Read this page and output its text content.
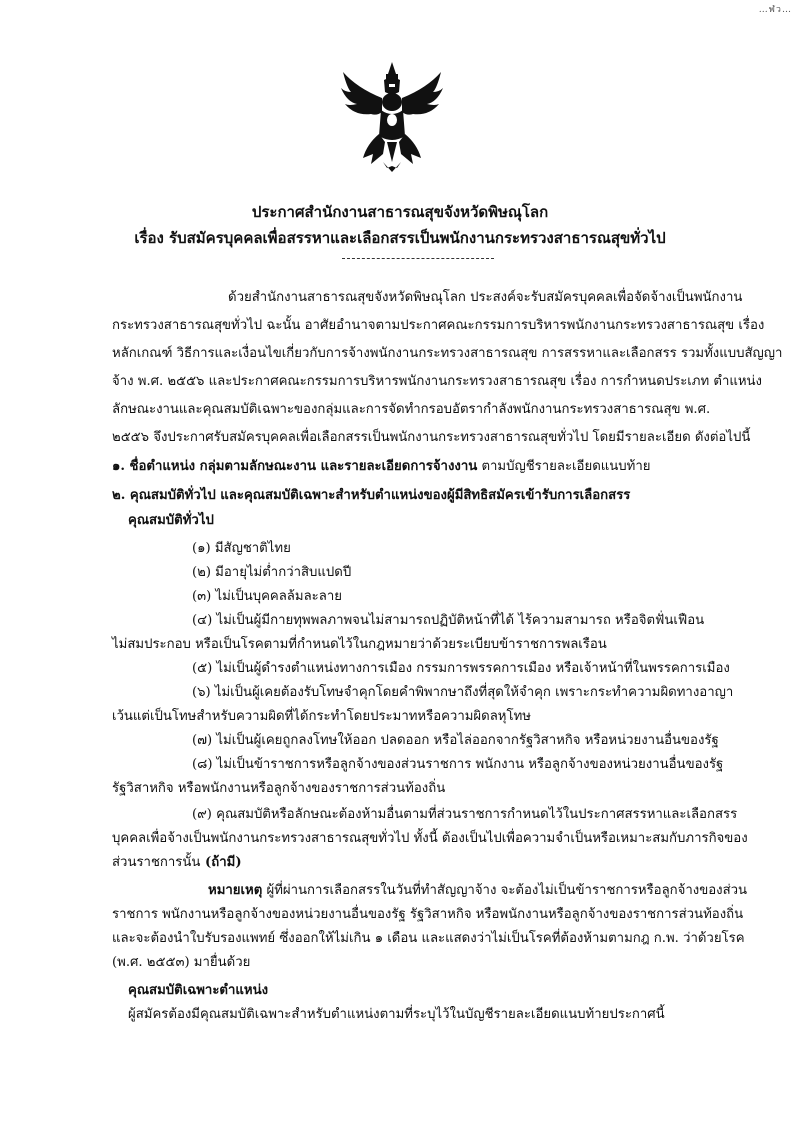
…ฬว…
ประกาศสำนักงานสาธารณสุขจังหวัดพิษณุโลก
เรื่อง รับสมัครบุคคลเพื่อสรรหาและเลือกสรรเป็นพนักงานกระทรวงสาธารณสุขทั่วไป
ด้วยสำนักงานสาธารณสุขจังหวัดพิษณุโลก ประสงค์จะรับสมัครบุคคลเพื่อจัดจ้างเป็นพนักงาน
กระทรวงสาธารณสุขทั่วไป ฉะนั้น อาศัยอำนาจตามประกาศคณะกรรมการบริหารพนักงานกระทรวงสาธารณสุข เรื่อง
หลักเกณฑ์ วิธีการและเงื่อนไขเกี่ยวกับการจ้างพนักงานกระทรวงสาธารณสุข การสรรหาและเลือกสรร รวมทั้งแบบสัญญา
จ้าง พ.ศ. ๒๕๕๖ และประกาศคณะกรรมการบริหารพนักงานกระทรวงสาธารณสุข เรื่อง การกำหนดประเภท ตำแหน่ง
ลักษณะงานและคุณสมบัติเฉพาะของกลุ่มและการจัดทำกรอบอัตรากำลังพนักงานกระทรวงสาธารณสุข พ.ศ.
๒๕๕๖ จึงประกาศรับสมัครบุคคลเพื่อเลือกสรรเป็นพนักงานกระทรวงสาธารณสุขทั่วไป โดยมีรายละเอียด ดังต่อไปนี้
๑. ชื่อตำแหน่ง กลุ่มตามลักษณะงาน และรายละเอียดการจ้างงาน ตามบัญชีรายละเอียดแนบท้าย
๒. คุณสมบัติทั่วไป และคุณสมบัติเฉพาะสำหรับตำแหน่งของผู้มีสิทธิสมัครเข้ารับการเลือกสรร
คุณสมบัติทั่วไป
(๑) มีสัญชาติไทย
(๒) มีอายุไม่ต่ำกว่าสิบแปดปี
(๓) ไม่เป็นบุคคลล้มละลาย
(๔) ไม่เป็นผู้มีกายทุพพลภาพจนไม่สามารถปฏิบัติหน้าที่ได้ ไร้ความสามารถ หรือจิตฟั่นเฟือน
ไม่สมประกอบ หรือเป็นโรคตามที่กำหนดไว้ในกฎหมายว่าด้วยระเบียบข้าราชการพลเรือน
(๕) ไม่เป็นผู้ดำรงตำแหน่งทางการเมือง กรรมการพรรคการเมือง หรือเจ้าหน้าที่ในพรรคการเมือง
(๖) ไม่เป็นผู้เคยต้องรับโทษจำคุกโดยคำพิพากษาถึงที่สุดให้จำคุก เพราะกระทำความผิดทางอาญา
เว้นแต่เป็นโทษสำหรับความผิดที่ได้กระทำโดยประมาทหรือความผิดลหุโทษ
(๗) ไม่เป็นผู้เคยถูกลงโทษให้ออก ปลดออก หรือไล่ออกจากรัฐวิสาหกิจ หรือหน่วยงานอื่นของรัฐ
(๘) ไม่เป็นข้าราชการหรือลูกจ้างของส่วนราชการ พนักงาน หรือลูกจ้างของหน่วยงานอื่นของรัฐ
รัฐวิสาหกิจ หรือพนักงานหรือลูกจ้างของราชการส่วนท้องถิ่น
(๙) คุณสมบัติหรือลักษณะต้องห้ามอื่นตามที่ส่วนราชการกำหนดไว้ในประกาศสรรหาและเลือกสรร
บุคคลเพื่อจ้างเป็นพนักงานกระทรวงสาธารณสุขทั่วไป ทั้งนี้ ต้องเป็นไปเพื่อความจำเป็นหรือเหมาะสมกับภารกิจของ
ส่วนราชการนั้น (ถ้ามี)
หมายเหตุ ผู้ที่ผ่านการเลือกสรรในวันที่ทำสัญญาจ้าง จะต้องไม่เป็นข้าราชการหรือลูกจ้างของส่วน
ราชการ พนักงานหรือลูกจ้างของหน่วยงานอื่นของรัฐ รัฐวิสาหกิจ หรือพนักงานหรือลูกจ้างของราชการส่วนท้องถิ่น
และจะต้องนำใบรับรองแพทย์ ซึ่งออกให้ไม่เกิน ๑ เดือน และแสดงว่าไม่เป็นโรคที่ต้องห้ามตามกฎ ก.พ. ว่าด้วยโรค
(พ.ศ. ๒๕๕๓) มายื่นด้วย
คุณสมบัติเฉพาะตำแหน่ง
ผู้สมัครต้องมีคุณสมบัติเฉพาะสำหรับตำแหน่งตามที่ระบุไว้ในบัญชีรายละเอียดแนบท้ายประกาศนี้
